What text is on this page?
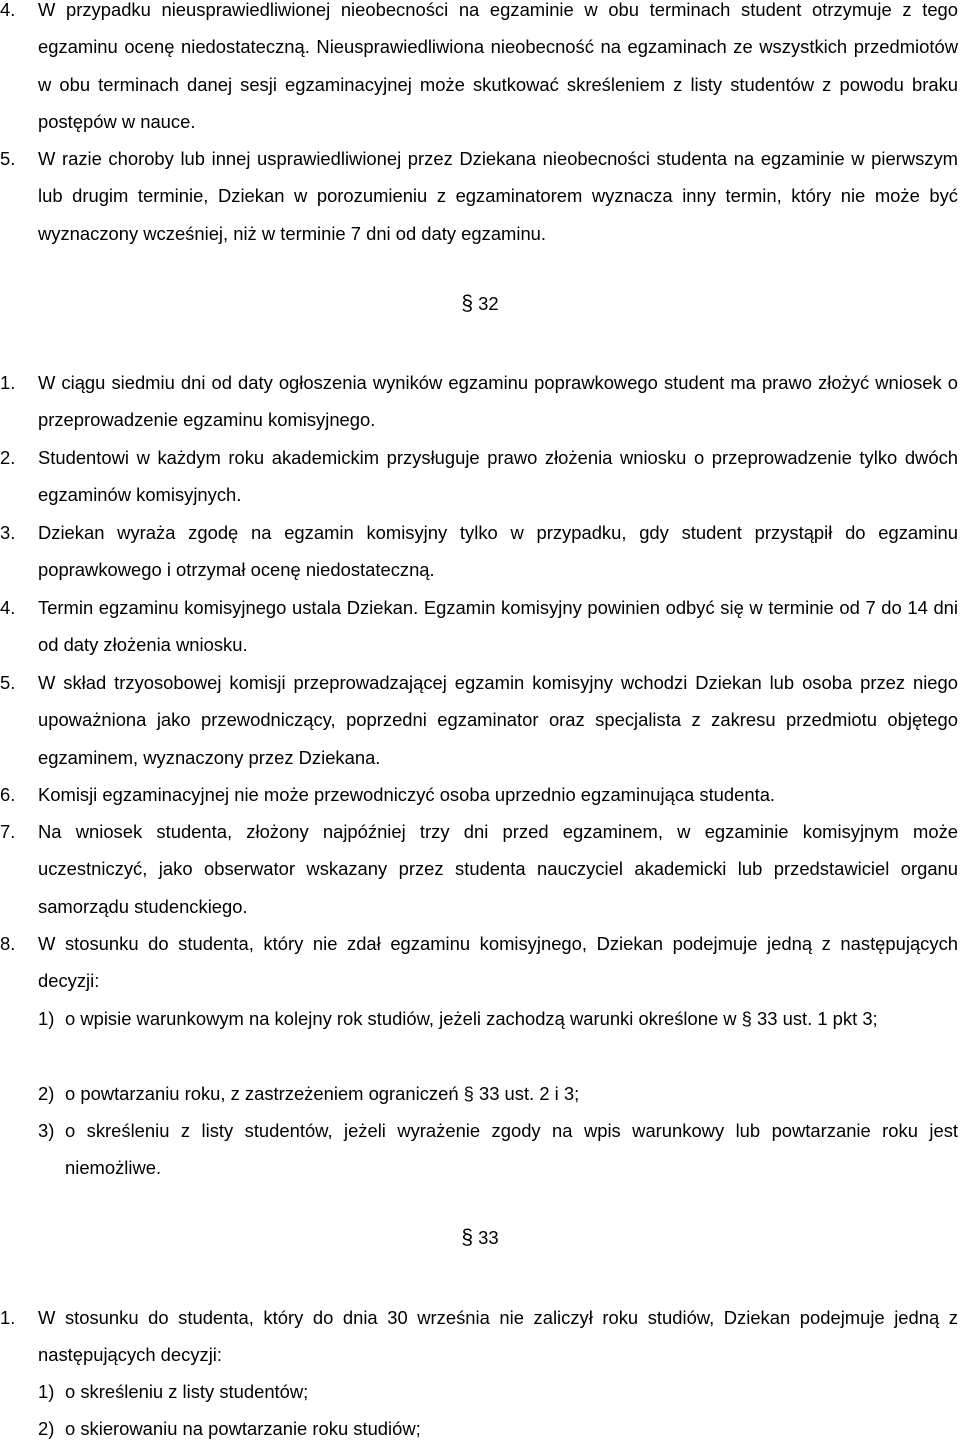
4. W przypadku nieusprawiedliwionej nieobecności na egzaminie w obu terminach student otrzymuje z tego egzaminu ocenę niedostateczną. Nieusprawiedliwiona nieobecność na egzaminach ze wszystkich przedmiotów w obu terminach danej sesji egzaminacyjnej może skutkować skreśleniem z listy studentów z powodu braku postępów w nauce.
5. W razie choroby lub innej usprawiedliwionej przez Dziekana nieobecności studenta na egzaminie w pierwszym lub drugim terminie, Dziekan w porozumieniu z egzaminatorem wyznacza inny termin, który nie może być wyznaczony wcześniej, niż w terminie 7 dni od daty egzaminu.
§ 32
1. W ciągu siedmiu dni od daty ogłoszenia wyników egzaminu poprawkowego student ma prawo złożyć wniosek o przeprowadzenie egzaminu komisyjnego.
2. Studentowi w każdym roku akademickim przysługuje prawo złożenia wniosku o przeprowadzenie tylko dwóch egzaminów komisyjnych.
3. Dziekan wyraża zgodę na egzamin komisyjny tylko w przypadku, gdy student przystąpił do egzaminu poprawkowego i otrzymał ocenę niedostateczną.
4. Termin egzaminu komisyjnego ustala Dziekan. Egzamin komisyjny powinien odbyć się w terminie od 7 do 14 dni od daty złożenia wniosku.
5. W skład trzyosobowej komisji przeprowadzającej egzamin komisyjny wchodzi Dziekan lub osoba przez niego upoważniona jako przewodniczący, poprzedni egzaminator oraz specjalista z zakresu przedmiotu objętego egzaminem, wyznaczony przez Dziekana.
6. Komisji egzaminacyjnej nie może przewodniczyć osoba uprzednio egzaminująca studenta.
7. Na wniosek studenta, złożony najpóźniej trzy dni przed egzaminem, w egzaminie komisyjnym może uczestniczyć, jako obserwator wskazany przez studenta nauczyciel akademicki lub przedstawiciel organu samorządu studenckiego.
8. W stosunku do studenta, który nie zdał egzaminu komisyjnego, Dziekan podejmuje jedną z następujących decyzji:
1) o wpisie warunkowym na kolejny rok studiów, jeżeli zachodzą warunki określone w § 33 ust. 1 pkt 3;
2) o powtarzaniu roku, z zastrzeżeniem ograniczeń § 33 ust. 2 i 3;
3) o skreśleniu z listy studentów, jeżeli wyrażenie zgody na wpis warunkowy lub powtarzanie roku jest niemożliwe.
§ 33
1. W stosunku do studenta, który do dnia 30 września nie zaliczył roku studiów, Dziekan podejmuje jedną z następujących decyzji:
1) o skreśleniu z listy studentów;
2) o skierowaniu na powtarzanie roku studiów;
